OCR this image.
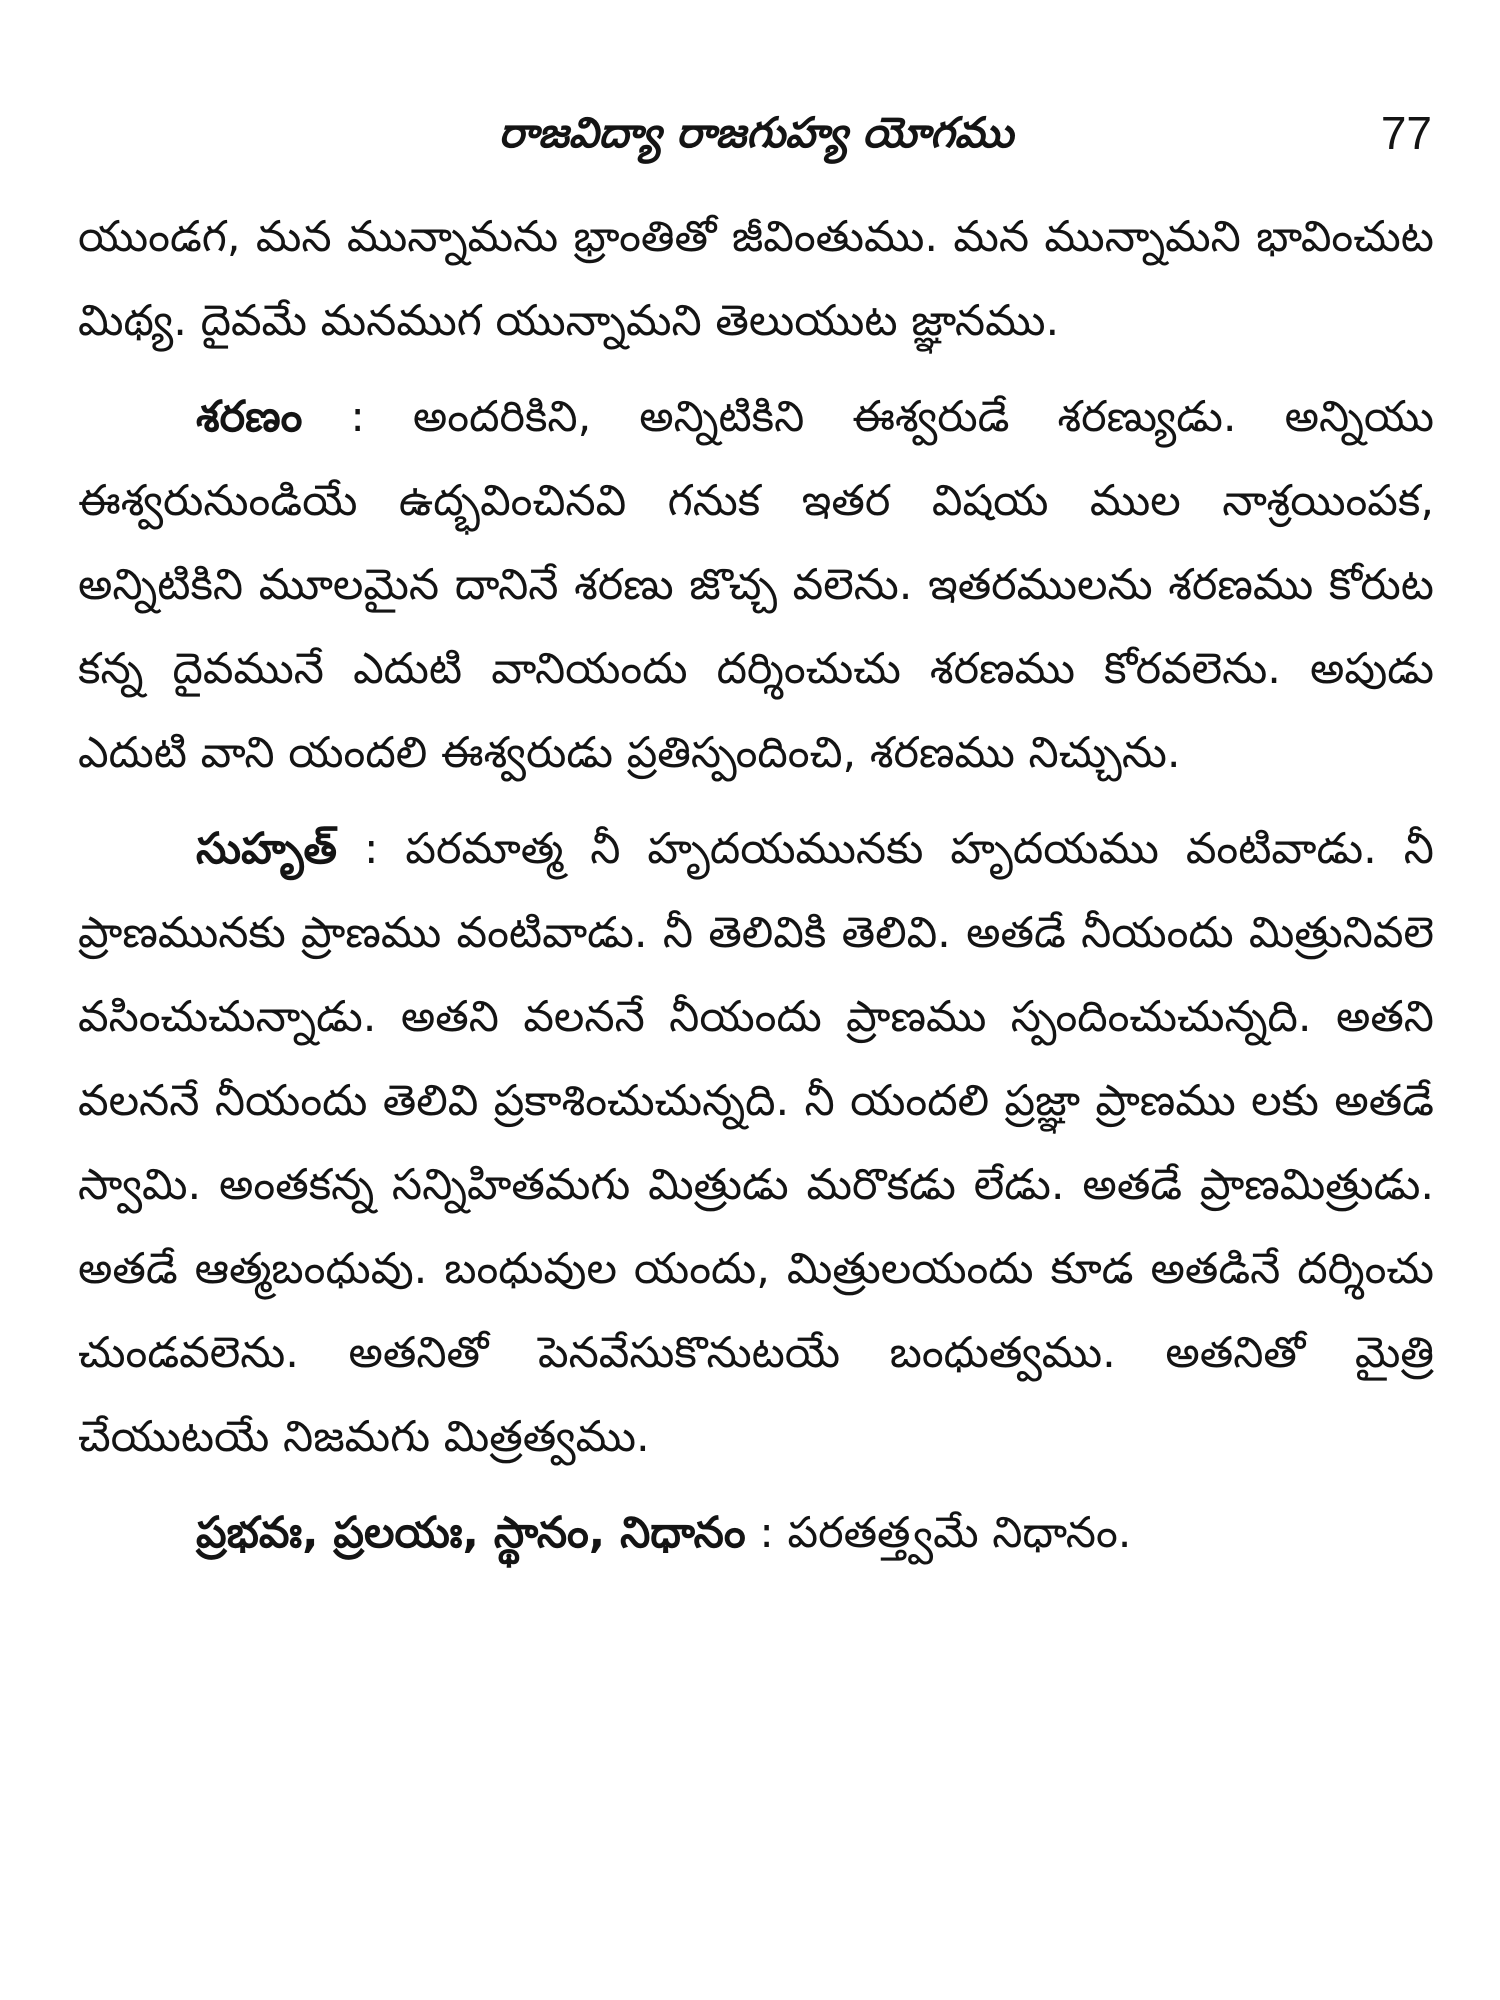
రాజవిద్యా రాజగుహ్య యోగము	77

యుండగ, మన మున్నామను భ్రాంతితో జీవింతుము. మన మున్నామని భావించుట మిథ్య. దైవమే మనముగ యున్నామని తెలుయుట జ్ఞానము.

శరణం : అందరికిని, అన్నిటికిని ఈశ్వరుడే శరణ్యుడు. అన్నియు ఈశ్వరునుండియే ఉద్భవించినవి గనుక ఇతర విషయ ముల నాశ్రయింపక, అన్నిటికిని మూలమైన దానినే శరణు జొచ్చ వలెను. ఇతరములను శరణము కోరుట కన్న దైవమునే ఎదుటి వానియందు దర్శించుచు శరణము కోరవలెను. అపుడు ఎదుటి వాని యందలి ఈశ్వరుడు ప్రతిస్పందించి, శరణము నిచ్చును.

సుహృత్ : పరమాత్మ నీ హృదయమునకు హృదయము వంటివాడు. నీ ప్రాణమునకు ప్రాణము వంటివాడు. నీ తెలివికి తెలివి. అతడే నీయందు మిత్రునివలె వసించుచున్నాడు. అతని వలననే నీయందు ప్రాణము స్పందించుచున్నది. అతని వలననే నీయందు తెలివి ప్రకాశించుచున్నది. నీ యందలి ప్రజ్ఞా ప్రాణము లకు అతడే స్వామి. అంతకన్న సన్నిహితమగు మిత్రుడు మరొకడు లేడు. అతడే ప్రాణమిత్రుడు. అతడే ఆత్మబంధువు. బంధువుల యందు, మిత్రులయందు కూడ అతడినే దర్శించు చుండవలెను. అతనితో పెనవేసుకొనుటయే బంధుత్వము. అతనితో మైత్రి చేయుటయే నిజమగు మిత్రత్వము.

ప్రభవః, ప్రలయః, స్థానం, నిధానం : పరతత్త్వమే నిధానం.
